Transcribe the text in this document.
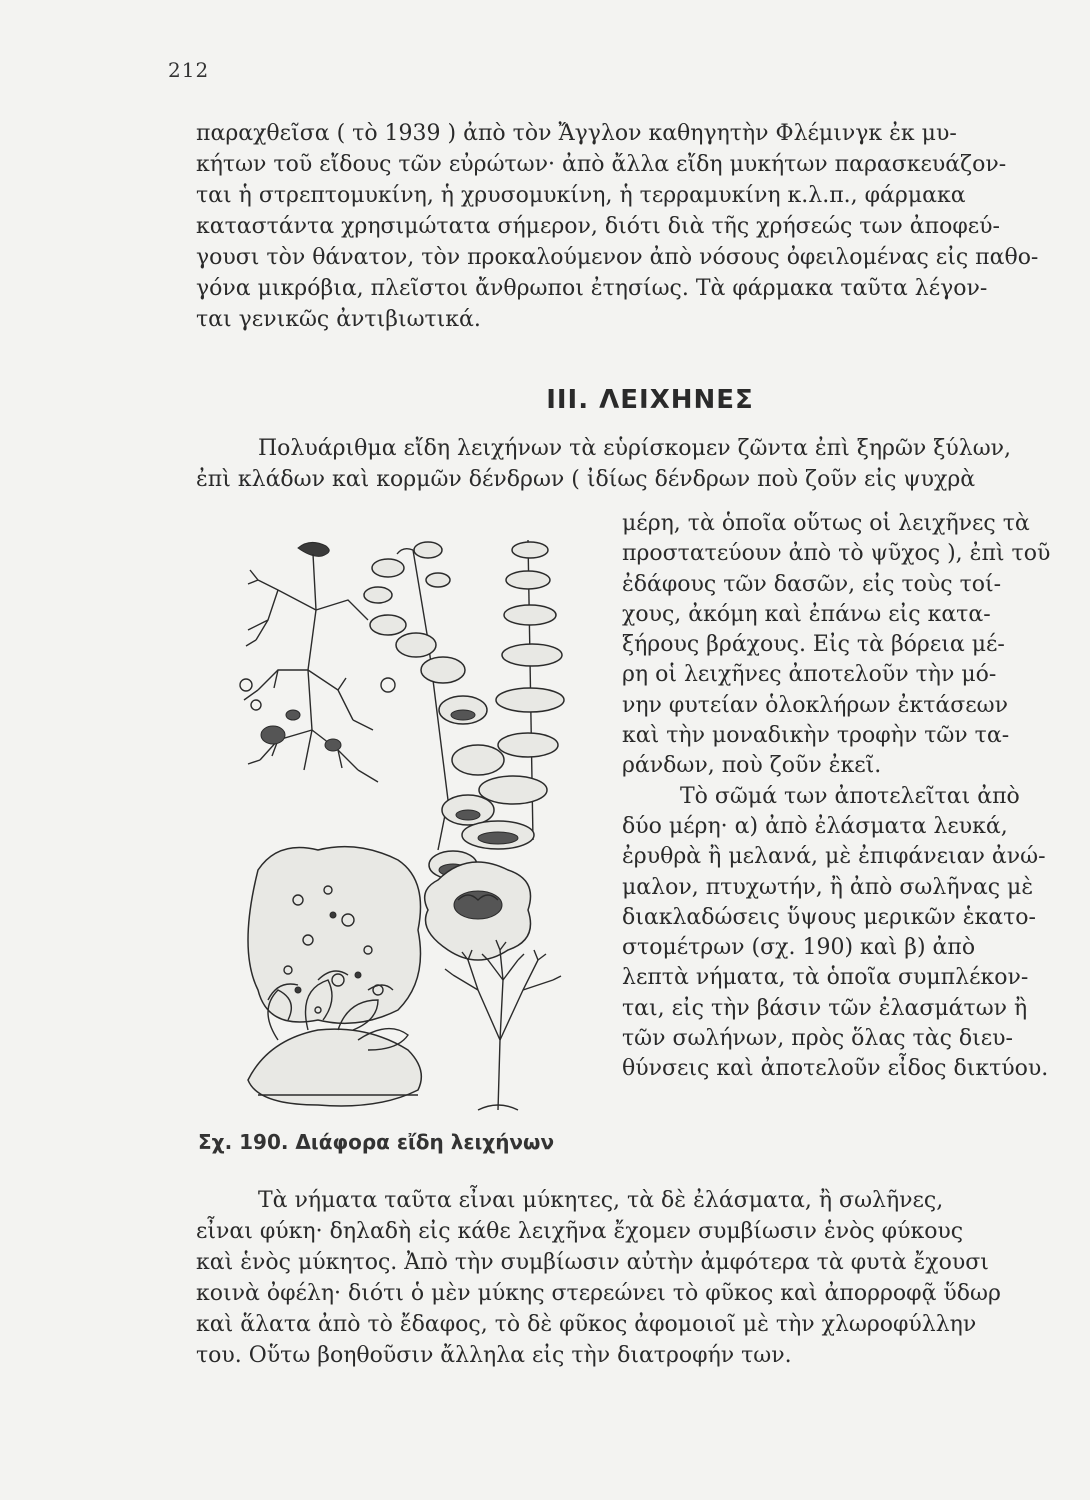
212
παραχθεῖσα ( τὸ 1939 ) ἀπὸ τὸν Ἄγγλον καθηγητὴν Φλέμινγκ ἐκ μυ-
κήτων τοῦ εἴδους τῶν εὐρώτων· ἀπὸ ἄλλα εἴδη μυκήτων παρασκευάζον-
ται ἡ στρεπτομυκίνη, ἡ χρυσομυκίνη, ἡ τερραμυκίνη κ.λ.π., φάρμακα
καταστάντα χρησιμώτατα σήμερον, διότι διὰ τῆς χρήσεώς των ἀποφεύ-
γουσι τὸν θάνατον, τὸν προκαλούμενον ἀπὸ νόσους ὀφειλομένας εἰς παθο-
γόνα μικρόβια, πλεῖστοι ἄνθρωποι ἐτησίως. Τὰ φάρμακα ταῦτα λέγον-
ται γενικῶς ἀντιβιωτικά.
III. ΛΕΙΧΗΝΕΣ
Πολυάριθμα εἴδη λειχήνων τὰ εὑρίσκομεν ζῶντα ἐπὶ ξηρῶν ξύλων,
ἐπὶ κλάδων καὶ κορμῶν δένδρων ( ἰδίως δένδρων ποὺ ζοῦν εἰς ψυχρὰ
Σχ. 190. Διάφορα εἴδη λειχήνων
μέρη, τὰ ὁποῖα οὕτως οἱ λειχῆνες τὰ
προστατεύουν ἀπὸ τὸ ψῦχος ), ἐπὶ τοῦ
ἐδάφους τῶν δασῶν, εἰς τοὺς τοί-
χους, ἀκόμη καὶ ἐπάνω εἰς κατα-
ξήρους βράχους. Εἰς τὰ βόρεια μέ-
ρη οἱ λειχῆνες ἀποτελοῦν τὴν μό-
νην φυτείαν ὁλοκλήρων ἐκτάσεων
καὶ τὴν μοναδικὴν τροφὴν τῶν τα-
ράνδων, ποὺ ζοῦν ἐκεῖ.
Τὸ σῶμά των ἀποτελεῖται ἀπὸ
δύο μέρη· α) ἀπὸ ἐλάσματα λευκά,
ἐρυθρὰ ἢ μελανά, μὲ ἐπιφάνειαν ἀνώ-
μαλον, πτυχωτήν, ἢ ἀπὸ σωλῆνας μὲ
διακλαδώσεις ὕψους μερικῶν ἑκατο-
στομέτρων (σχ. 190) καὶ β) ἀπὸ
λεπτὰ νήματα, τὰ ὁποῖα συμπλέκον-
ται, εἰς τὴν βάσιν τῶν ἐλασμάτων ἢ
τῶν σωλήνων, πρὸς ὅλας τὰς διευ-
θύνσεις καὶ ἀποτελοῦν εἶδος δικτύου.
Τὰ νήματα ταῦτα εἶναι μύκητες, τὰ δὲ ἐλάσματα, ἢ σωλῆνες,
εἶναι φύκη· δηλαδὴ εἰς κάθε λειχῆνα ἔχομεν συμβίωσιν ἑνὸς φύκους
καὶ ἑνὸς μύκητος. Ἀπὸ τὴν συμβίωσιν αὐτὴν ἀμφότερα τὰ φυτὰ ἔχουσι
κοινὰ ὀφέλη· διότι ὁ μὲν μύκης στερεώνει τὸ φῦκος καὶ ἀπορροφᾷ ὕδωρ
καὶ ἅλατα ἀπὸ τὸ ἔδαφος, τὸ δὲ φῦκος ἀφομοιοῖ μὲ τὴν χλωροφύλλην
του. Οὕτω βοηθοῦσιν ἄλληλα εἰς τὴν διατροφήν των.
